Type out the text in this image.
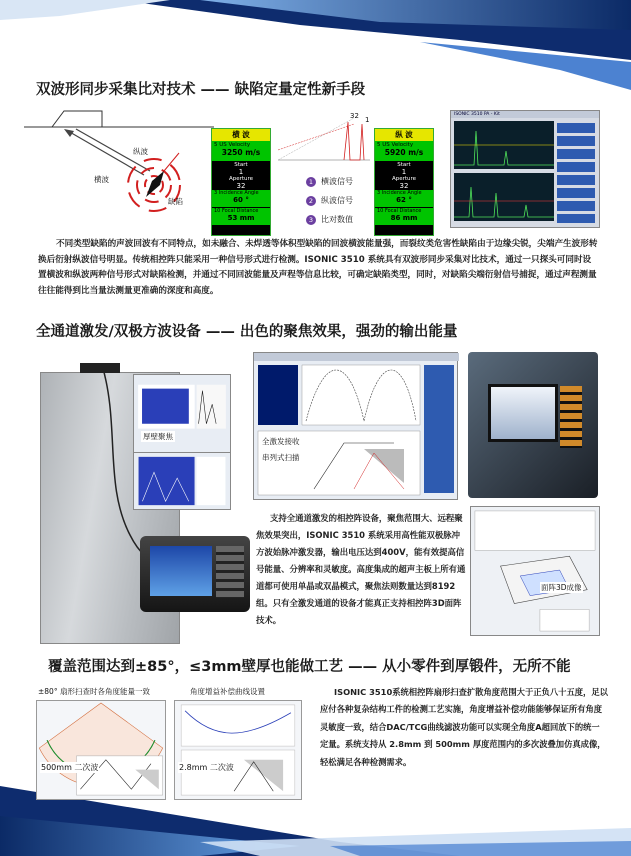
双波形同步采集比对技术 —— 缺陷定量定性新手段
纵波
横波
缺陷
横 波
5 US Velocity
3250 m/s
Start
1
Aperture
32
3 Incidence Angle
60 °
10 Focal Distance
53 mm
32 1
1 横波信号
2 纵波信号
3 比对数值
纵 波
5 US Velocity
5920 m/s
Start
1
Aperture
32
3 Incidence Angle
62 °
10 Focal Distance
86 mm
ISONIC 3510 PA - Kit
不同类型缺陷的声波回波有不同特点，如未融合、未焊透等体积型缺陷的回波横波能量强，而裂纹类危害性缺陷由于边缘尖锐，尖端产生波形转换后衍射纵波信号明显。传统相控阵只能采用一种信号形式进行检测。ISONIC 3510 系统具有双波形同步采集对比技术，通过一只探头可同时设置横波和纵波两种信号形式对缺陷检测，并通过不同回波能量及声程等信息比较，可确定缺陷类型，同时，对缺陷尖端衍射信号捕捉，通过声程测量往往能得到比当量法测量更准确的深度和高度。
全通道激发/双极方波设备 —— 出色的聚焦效果，强劲的输出能量
厚壁聚焦
全激发接收
串列式扫描
面阵3D成像
支持全通道激发的相控阵设备，聚焦范围大、远程聚焦效果突出，ISONIC 3510 系统采用高性能双极脉冲方波始脉冲激发器，输出电压达到400V，能有效提高信号能量、分辨率和灵敏度。高度集成的超声主板上所有通道都可使用单晶或双晶模式，聚焦法则数量达到8192组。只有全激发通道的设备才能真正支持相控阵3D面阵技术。
覆盖范围达到±85°，≤3mm壁厚也能做工艺 —— 从小零件到厚锻件，无所不能
±80° 扇形扫查时各角度能量一致	角度增益补偿曲线设置
500mm 二次波	2.8mm 二次波
ISONIC 3510系统相控阵扇形扫查扩散角度范围大于正负八十五度，足以应付各种复杂结构工件的检测工艺实施，角度增益补偿功能能够保证所有角度灵敏度一致，结合DAC/TCG曲线滤波功能可以实现全角度A超回放下的统一定量。系统支持从 2.8mm 到 500mm 厚度范围内的多次波叠加仿真成像，轻松满足各种检测需求。
